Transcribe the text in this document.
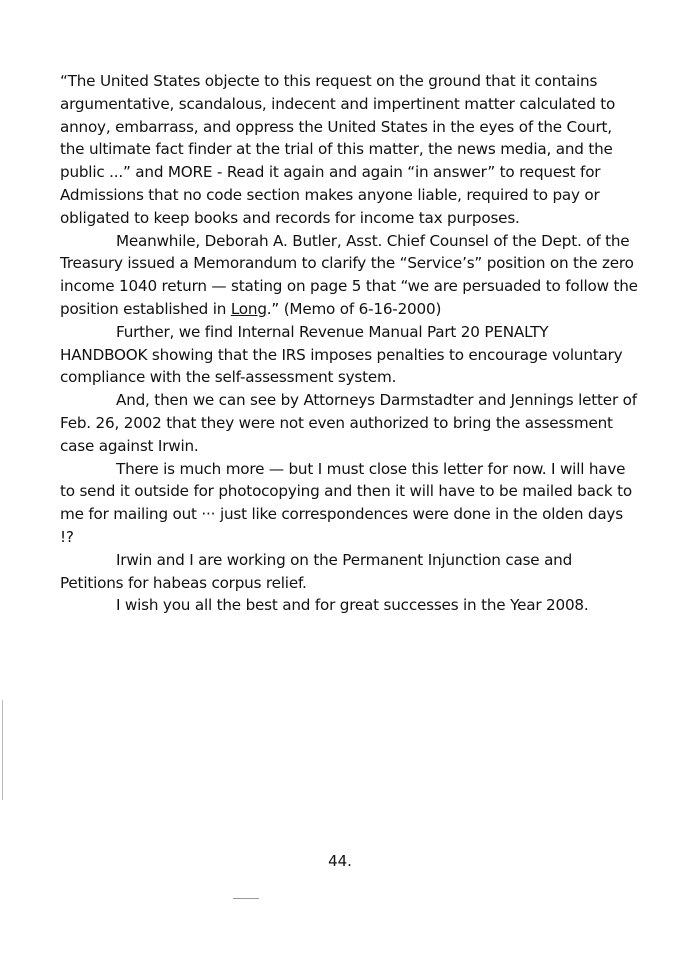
“The United States objecte to this request on the ground that it contains argumentative, scandalous, indecent and impertinent matter calculated to annoy, embarrass, and oppress the United States in the eyes of the Court, the ultimate fact finder at the trial of this matter, the news media, and the public ...” and MORE - Read it again and again “in answer” to request for Admissions that no code section makes anyone liable, required to pay or obligated to keep books and records for income tax purposes.

Meanwhile, Deborah A. Butler, Asst. Chief Counsel of the Dept. of the Treasury issued a Memorandum to clarify the “Service’s” position on the zero income 1040 return — stating on page 5 that “we are persuaded to follow the position established in Long.” (Memo of 6-16-2000)

Further, we find Internal Revenue Manual Part 20 PENALTY HANDBOOK showing that the IRS imposes penalties to encourage voluntary compliance with the self-assessment system.

And, then we can see by Attorneys Darmstadter and Jennings letter of Feb. 26, 2002 that they were not even authorized to bring the assessment case against Irwin.

There is much more — but I must close this letter for now. I will have to send it outside for photocopying and then it will have to be mailed back to me for mailing out ··· just like correspondences were done in the olden days !?

Irwin and I are working on the Permanent Injunction case and Petitions for habeas corpus relief.

I wish you all the best and for great successes in the Year 2008.

44.
